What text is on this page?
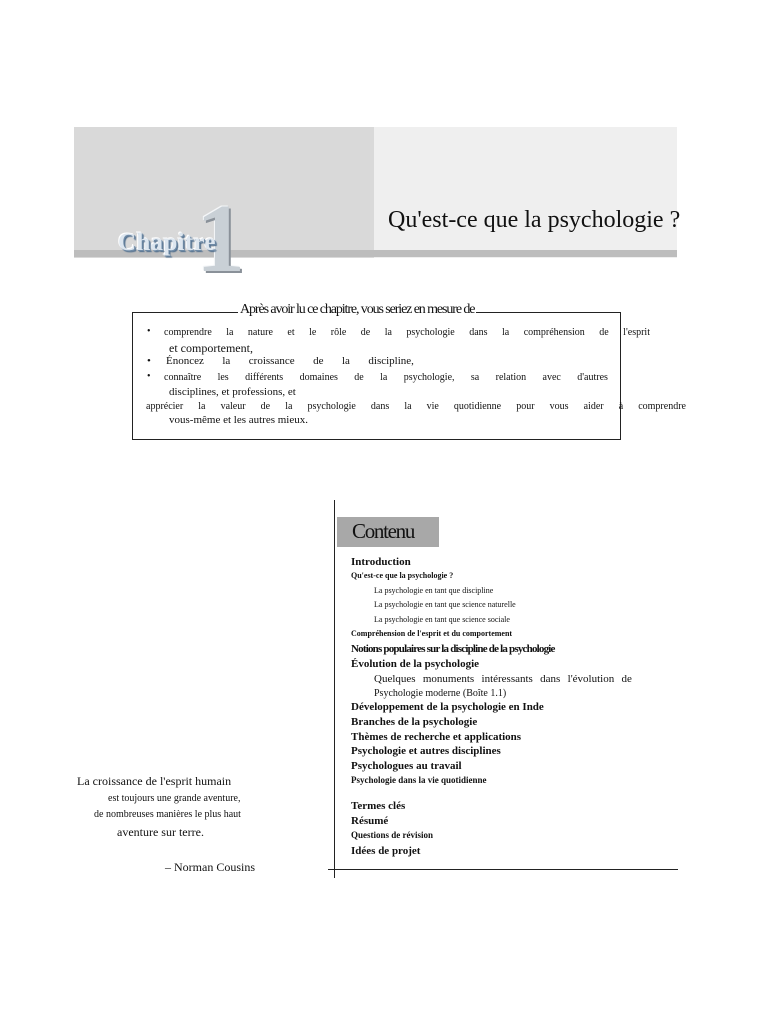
1
Chapitre
Qu'est-ce que la psychologie ?
Après avoir lu ce chapitre, vous seriez en mesure de
• comprendre la nature et le rôle de la psychologie dans la compréhension de l'esprit
et comportement,
• Énoncez la croissance de la discipline,
• connaître les différents domaines de la psychologie, sa relation avec d'autres
disciplines, et professions, et
apprécier la valeur de la psychologie dans la vie quotidienne pour vous aider à comprendre
vous-même et les autres mieux.
La croissance de l'esprit humain
est toujours une grande aventure,
de nombreuses manières le plus haut
aventure sur terre.
– Norman Cousins
Contenu
Introduction
Qu'est-ce que la psychologie ?
La psychologie en tant que discipline
La psychologie en tant que science naturelle
La psychologie en tant que science sociale
Compréhension de l'esprit et du comportement
Notions populaires sur la discipline de la psychologie
Évolution de la psychologie
Quelques monuments intéressants dans l'évolution de
Psychologie moderne (Boîte 1.1)
Développement de la psychologie en Inde
Branches de la psychologie
Thèmes de recherche et applications
Psychologie et autres disciplines
Psychologues au travail
Psychologie dans la vie quotidienne
Termes clés
Résumé
Questions de révision
Idées de projet
